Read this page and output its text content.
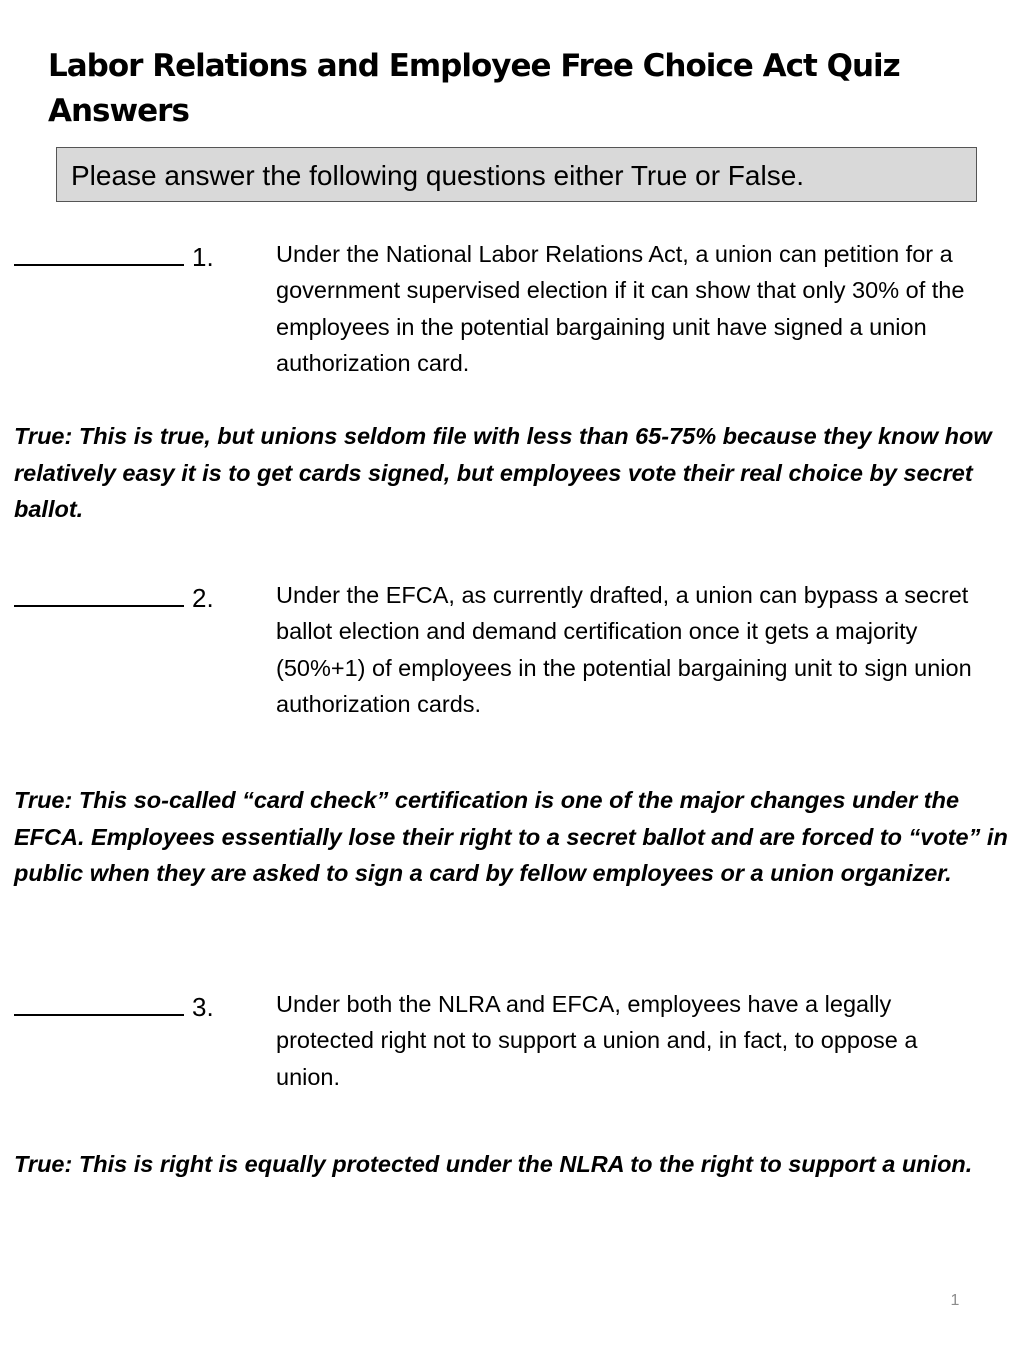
Labor Relations and Employee Free Choice Act Quiz Answers
Please answer the following questions either True or False.
1.	Under the National Labor Relations Act, a union can petition for a government supervised election if it can show that only 30% of the employees in the potential bargaining unit have signed a union authorization card.

True: This is true, but unions seldom file with less than 65-75% because they know how relatively easy it is to get cards signed, but employees vote their real choice by secret ballot.

2.	Under the EFCA, as currently drafted, a union can bypass a secret ballot election and demand certification once it gets a majority (50%+1) of employees in the potential bargaining unit to sign union authorization cards.

True: This so-called “card check” certification is one of the major changes under the EFCA. Employees essentially lose their right to a secret ballot and are forced to “vote” in public when they are asked to sign a card by fellow employees or a union organizer.

3.	Under both the NLRA and EFCA, employees have a legally protected right not to support a union and, in fact, to oppose a union.

True: This is right is equally protected under the NLRA to the right to support a union.

1
